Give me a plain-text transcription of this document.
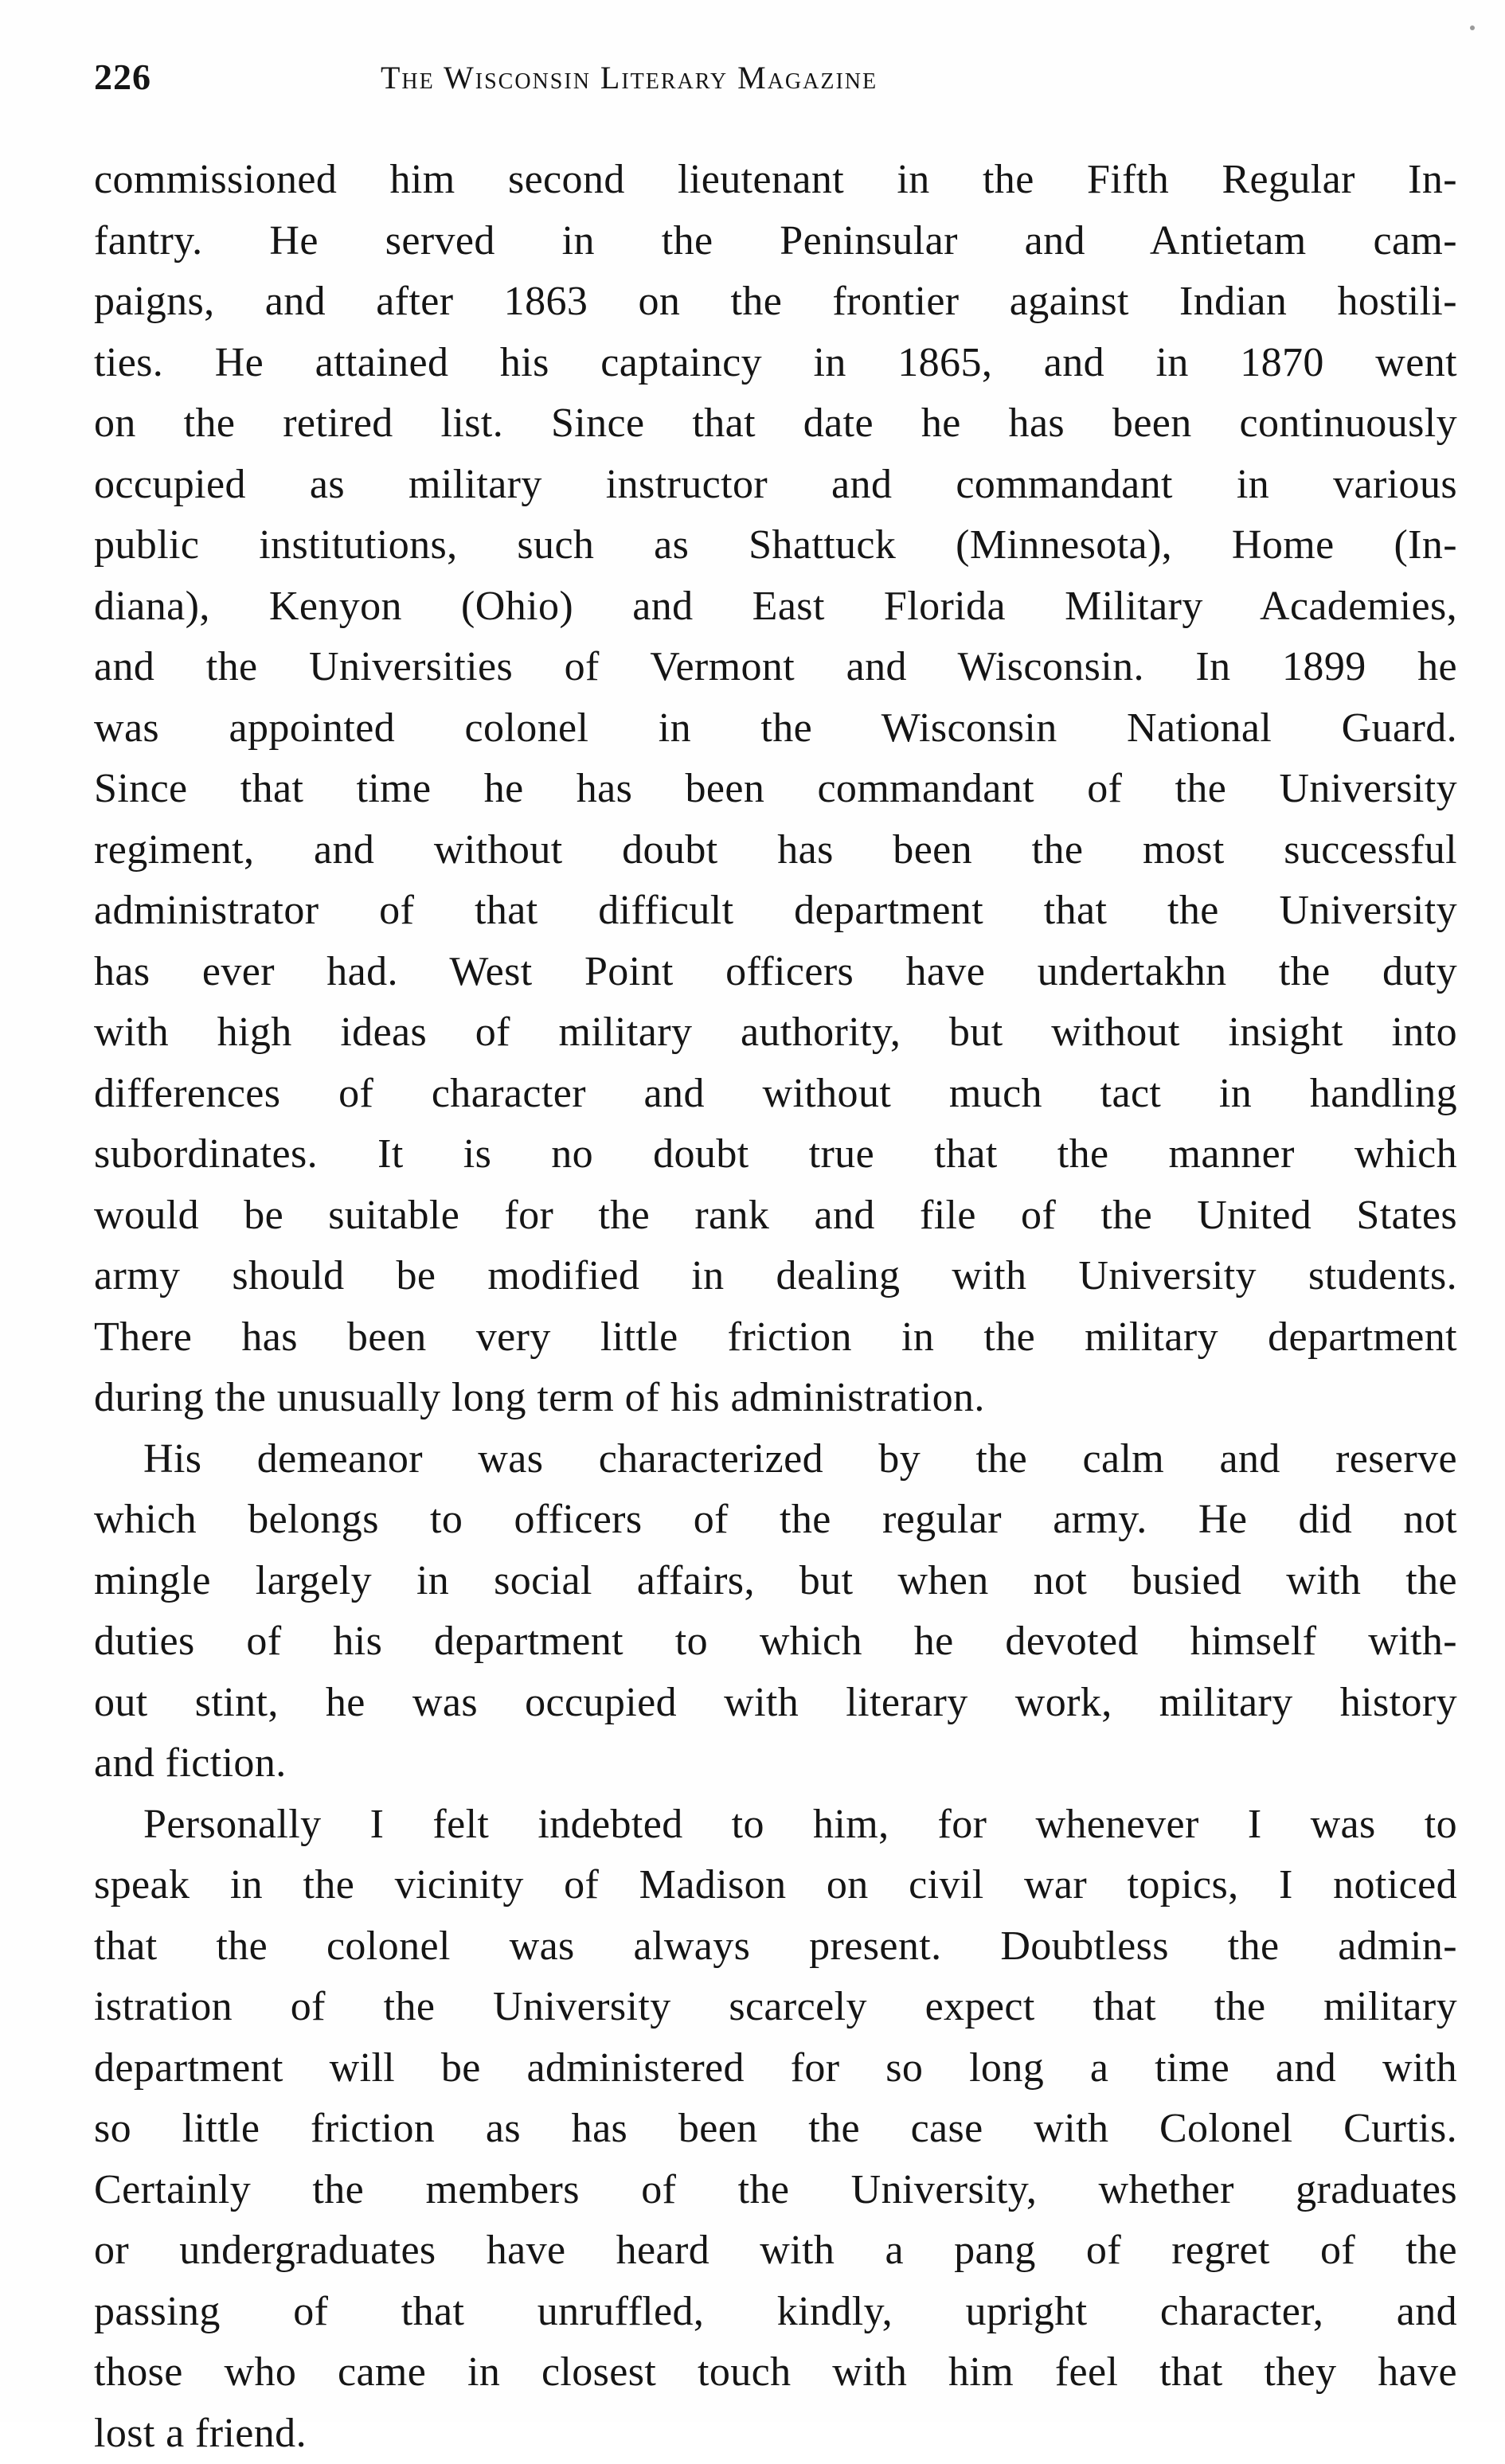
226	The Wisconsin Literary Magazine
commissioned him second lieutenant in the Fifth Regular In-
fantry. He served in the Peninsular and Antietam cam-
paigns, and after 1863 on the frontier against Indian hostili-
ties. He attained his captaincy in 1865, and in 1870 went
on the retired list. Since that date he has been continuously
occupied as military instructor and commandant in various
public institutions, such as Shattuck (Minnesota), Home (In-
diana), Kenyon (Ohio) and East Florida Military Academies,
and the Universities of Vermont and Wisconsin. In 1899 he
was appointed colonel in the Wisconsin National Guard.
Since that time he has been commandant of the University
regiment, and without doubt has been the most successful
administrator of that difficult department that the University
has ever had. West Point officers have undertakhn the duty
with high ideas of military authority, but without insight into
differences of character and without much tact in handling
subordinates. It is no doubt true that the manner which
would be suitable for the rank and file of the United States
army should be modified in dealing with University students.
There has been very little friction in the military department
during the unusually long term of his administration.
His demeanor was characterized by the calm and reserve
which belongs to officers of the regular army. He did not
mingle largely in social affairs, but when not busied with the
duties of his department to which he devoted himself with-
out stint, he was occupied with literary work, military history
and fiction.
Personally I felt indebted to him, for whenever I was to
speak in the vicinity of Madison on civil war topics, I noticed
that the colonel was always present. Doubtless the admin-
istration of the University scarcely expect that the military
department will be administered for so long a time and with
so little friction as has been the case with Colonel Curtis.
Certainly the members of the University, whether graduates
or undergraduates have heard with a pang of regret of the
passing of that unruffled, kindly, upright character, and
those who came in closest touch with him feel that they have
lost a friend.
